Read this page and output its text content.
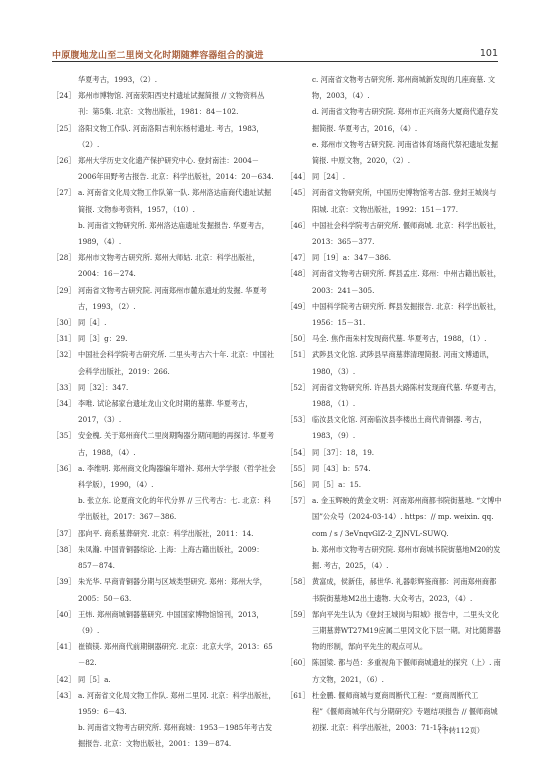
中原腹地龙山至二里岗文化时期随葬容器组合的演进	101
华夏考古，1993，（2）.
［24］ 郑州市博物馆. 河南荥阳西史村遗址试掘简报 // 文物资料丛刊：第5集. 北京：文物出版社，1981：84－102.
［25］ 洛阳文物工作队. 河南洛阳吉利东杨村遗址. 考古，1983，（2）.
［26］ 郑州大学历史文化遗产保护研究中心. 登封南洼：2004－2006年田野考古报告. 北京：科学出版社，2014：20－634.
［27］ a. 河南省文化局文物工作队第一队. 郑州洛达庙商代遗址试掘简报. 文物参考资料，1957，（10）.
b. 河南省文物研究所. 郑州洛达庙遗址发掘报告. 华夏考古，1989，（4）.
［28］ 郑州市文物考古研究所. 郑州大师姑. 北京：科学出版社，2004：16－274.
［29］ 河南省文物考古研究院. 河南郑州市麓东遗址的发掘. 华夏考古，1993，（2）.
［30］ 同［4］.
［31］ 同［3］g：29.
［32］ 中国社会科学院考古研究所. 二里头考古六十年. 北京：中国社会科学出版社，2019：266.
［33］ 同［32］：347.
［34］ 李唯. 试论郝家台遗址龙山文化时期的墓葬. 华夏考古，2017，（3）.
［35］ 安金槐. 关于郑州商代二里岗期陶器分期问题的再探讨. 华夏考古，1988，（4）.
［36］ a. 李维明. 郑州商文化陶器编年增补. 郑州大学学报（哲学社会科学版），1990，（4）.
b. 张立东. 论夏商文化的年代分界 // 三代考古：七. 北京：科学出版社，2017：367－386.
［37］ 邵向平. 商系墓葬研究. 北京：科学出版社，2011：14.
［38］ 朱凤瀚. 中国青铜器综论. 上海：上海古籍出版社，2009：857－874.
［39］ 朱光华. 早商青铜器分期与区域类型研究. 郑州：郑州大学，2005：50－63.
［40］ 王炜. 郑州商城铜器墓研究. 中国国家博物馆馆刊，2013，（9）.
［41］ 崔镇镁. 郑州商代前期铜器研究. 北京：北京大学，2013：65－82.
［42］ 同［5］a.
［43］ a. 河南省文化局文物工作队. 郑州二里冈. 北京：科学出版社，1959：6－43.
b. 河南省文物考古研究所. 郑州商城：1953－1985年考古发掘报告. 北京：文物出版社，2001：139－874.
c. 河南省文物考古研究所. 郑州商城新发现的几座商墓. 文物，2003，（4）.
d. 河南省文物考古研究院. 郑州市正兴商务大厦商代遗存发掘简报. 华夏考古，2016，（4）.
e. 郑州市文物考古研究院. 河南省体育场商代祭祀遗址发掘简报. 中原文物，2020，（2）.
［44］ 同［24］.
［45］ 河南省文物研究所，中国历史博物馆考古部. 登封王城岗与阳城. 北京：文物出版社，1992：151－177.
［46］ 中国社会科学院考古研究所. 偃师商城. 北京：科学出版社，2013：365－377.
［47］ 同［19］a：347－386.
［48］ 河南省文物考古研究所. 辉县孟庄. 郑州：中州古籍出版社，2003：241－305.
［49］ 中国科学院考古研究所. 辉县发掘报告. 北京：科学出版社，1956：15－31.
［50］ 马全. 焦作南朱村发现商代墓. 华夏考古，1988，（1）.
［51］ 武陟县文化馆. 武陟县早商墓葬清理简报. 河南文博通讯，1980，（3）.
［52］ 河南省文物研究所. 许昌县大路陈村发现商代墓. 华夏考古，1988，（1）.
［53］ 临汝县文化馆. 河南临汝县李楼出土商代青铜器. 考古，1983，（9）.
［54］ 同［37］：18，19.
［55］ 同［43］b：574.
［56］ 同［5］a：15.
［57］ a. 金玉辉映的黄金文明：河南郑州商都书院街墓地. “文博中国”公众号（2024-03-14）. https：// mp. weixin. qq. com / s / 3eVnqvGlZ-2_ZJNVL-SUWQ.
b. 郑州市文物考古研究院. 郑州市商城书院街墓地M20的发掘. 考古，2025，（4）.
［58］ 黄富成，侯新佳，郝世华. 礼器彰辉鉴商都：河南郑州商都书院街墓地M2出土遗物. 大众考古，2023，（4）.
［59］ 郜向平先生认为《登封王城岗与阳城》报告中，二里头文化三期墓葬WT27M19应属二里冈文化下层一期。对比随葬器物的形制，郜向平先生的观点可从。
［60］ 陈国梁. 都与邑：多重视角下偃师商城遗址的探究（上）. 南方文物，2021，（6）.
［61］ 杜金鹏. 偃师商城与夏商周断代工程：“夏商周断代工程”《偃师商城年代与分期研究》专题结项报告 // 偃师商城初探. 北京：科学出版社，2003：71-153.
（下转112页）
